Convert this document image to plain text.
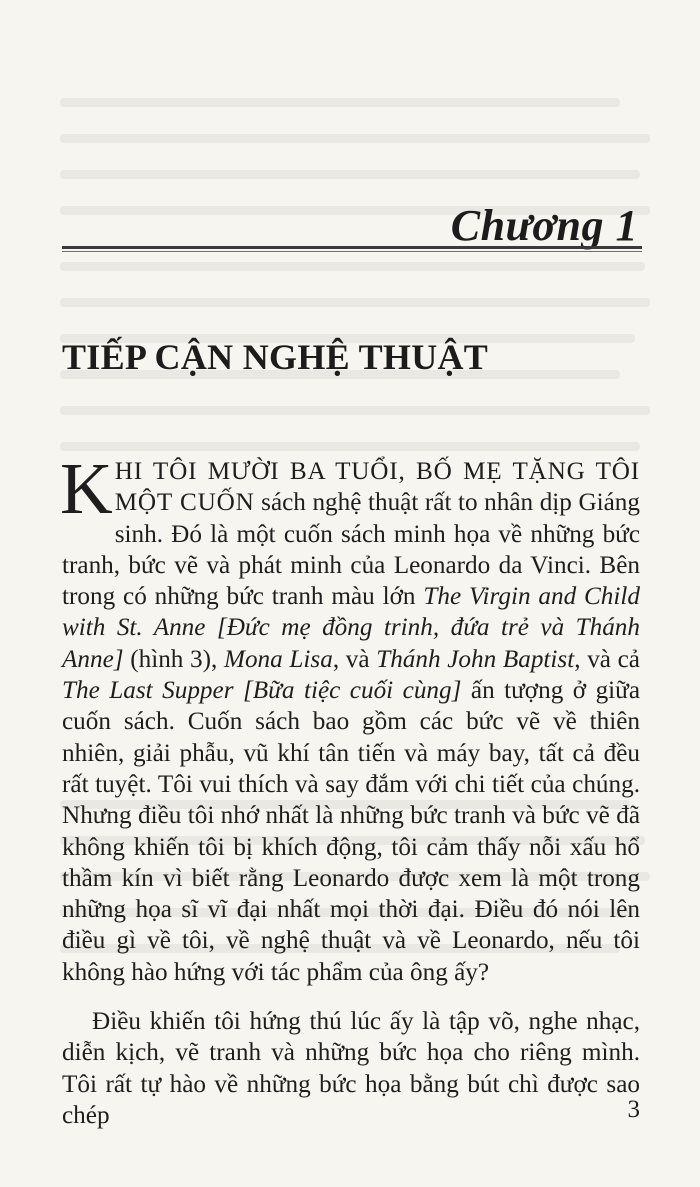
Chương 1
TIẾP CẬN NGHỆ THUẬT

KHI TÔI MƯỜI BA TUỔI, BỐ MẸ TẶNG TÔI MỘT CUỐN sách nghệ thuật rất to nhân dịp Giáng sinh. Đó là một cuốn sách minh họa về những bức tranh, bức vẽ và phát minh của Leonardo da Vinci. Bên trong có những bức tranh màu lớn The Virgin and Child with St. Anne [Đức mẹ đồng trinh, đứa trẻ và Thánh Anne] (hình 3), Mona Lisa, và Thánh John Baptist, và cả The Last Supper [Bữa tiệc cuối cùng] ấn tượng ở giữa cuốn sách. Cuốn sách bao gồm các bức vẽ về thiên nhiên, giải phẫu, vũ khí tân tiến và máy bay, tất cả đều rất tuyệt. Tôi vui thích và say đắm với chi tiết của chúng. Nhưng điều tôi nhớ nhất là những bức tranh và bức vẽ đã không khiến tôi bị khích động, tôi cảm thấy nỗi xấu hổ thầm kín vì biết rằng Leonardo được xem là một trong những họa sĩ vĩ đại nhất mọi thời đại. Điều đó nói lên điều gì về tôi, về nghệ thuật và về Leonardo, nếu tôi không hào hứng với tác phẩm của ông ấy?

Điều khiến tôi hứng thú lúc ấy là tập võ, nghe nhạc, diễn kịch, vẽ tranh và những bức họa cho riêng mình. Tôi rất tự hào về những bức họa bằng bút chì được sao chép	3
